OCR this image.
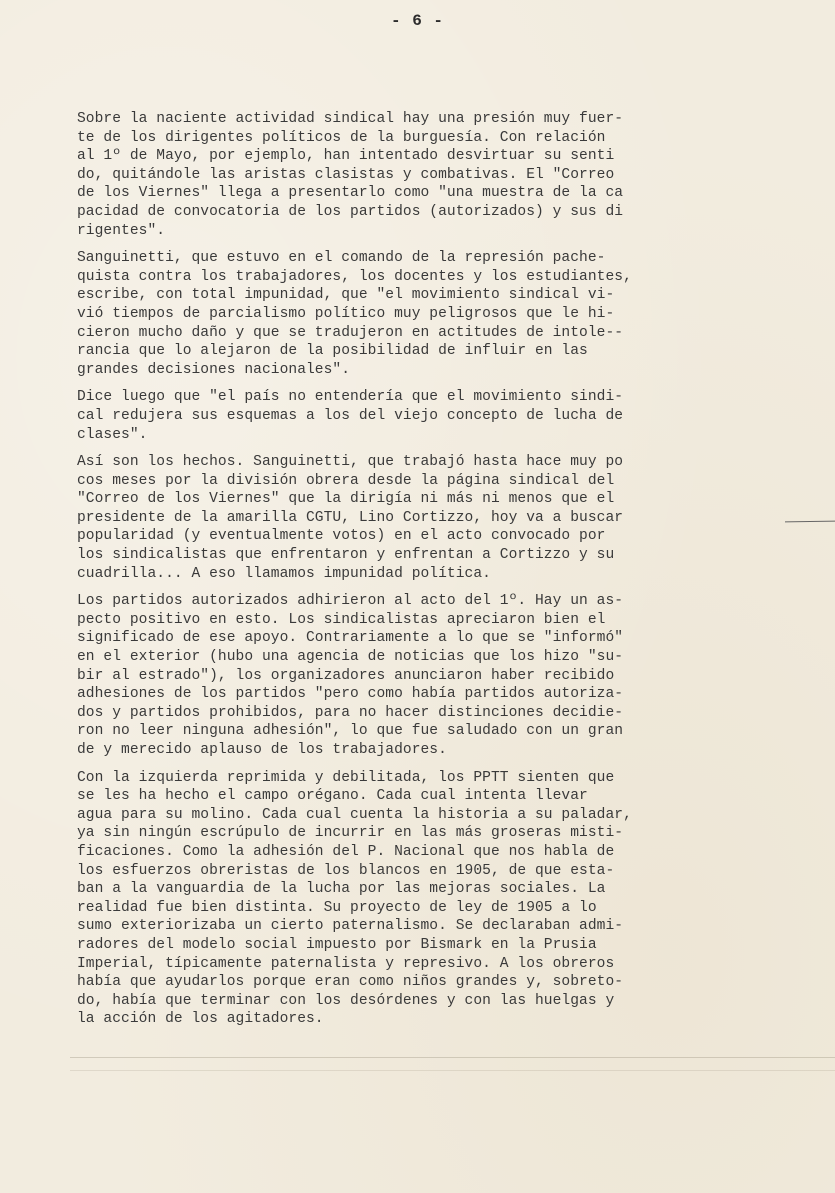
- 6 -
Sobre la naciente actividad sindical hay una presión muy fuer-
te de los dirigentes políticos de la burguesía. Con relación
al 1º de Mayo, por ejemplo, han intentado desvirtuar su senti
do, quitándole las aristas clasistas y combativas. El "Correo
de los Viernes" llega a presentarlo como "una muestra de la ca
pacidad de convocatoria de los partidos (autorizados) y sus di
rigentes".
Sanguinetti, que estuvo en el comando de la represión pache-
quista contra los trabajadores, los docentes y los estudiantes,
escribe, con total impunidad, que "el movimiento sindical vi-
vió tiempos de parcialismo político muy peligrosos que le hi-
cieron mucho daño y que se tradujeron en actitudes de intole--
rancia que lo alejaron de la posibilidad de influir en las
grandes decisiones nacionales".
Dice luego que "el país no entendería que el movimiento sindi-
cal redujera sus esquemas a los del viejo concepto de lucha de
clases".
Así son los hechos. Sanguinetti, que trabajó hasta hace muy po
cos meses por la división obrera desde la página sindical del
"Correo de los Viernes" que la dirigía ni más ni menos que el
presidente de la amarilla CGTU, Lino Cortizzo, hoy va a buscar
popularidad (y eventualmente votos) en el acto convocado por
los sindicalistas que enfrentaron y enfrentan a Cortizzo y su
cuadrilla... A eso llamamos impunidad política.
Los partidos autorizados adhirieron al acto del 1º. Hay un as-
pecto positivo en esto. Los sindicalistas apreciaron bien el
significado de ese apoyo. Contrariamente a lo que se "informó"
en el exterior (hubo una agencia de noticias que los hizo "su-
bir al estrado"), los organizadores anunciaron haber recibido
adhesiones de los partidos "pero como había partidos autoriza-
dos y partidos prohibidos, para no hacer distinciones decidie-
ron no leer ninguna adhesión", lo que fue saludado con un gran
de y merecido aplauso de los trabajadores.
Con la izquierda reprimida y debilitada, los PPTT sienten que
se les ha hecho el campo orégano. Cada cual intenta llevar
agua para su molino. Cada cual cuenta la historia a su paladar,
ya sin ningún escrúpulo de incurrir en las más groseras misti-
ficaciones. Como la adhesión del P. Nacional que nos habla de
los esfuerzos obreristas de los blancos en 1905, de que esta-
ban a la vanguardia de la lucha por las mejoras sociales. La
realidad fue bien distinta. Su proyecto de ley de 1905 a lo
sumo exteriorizaba un cierto paternalismo. Se declaraban admi-
radores del modelo social impuesto por Bismark en la Prusia
Imperial, típicamente paternalista y represivo. A los obreros
había que ayudarlos porque eran como niños grandes y, sobreto-
do, había que terminar con los desórdenes y con las huelgas y
la acción de los agitadores.
